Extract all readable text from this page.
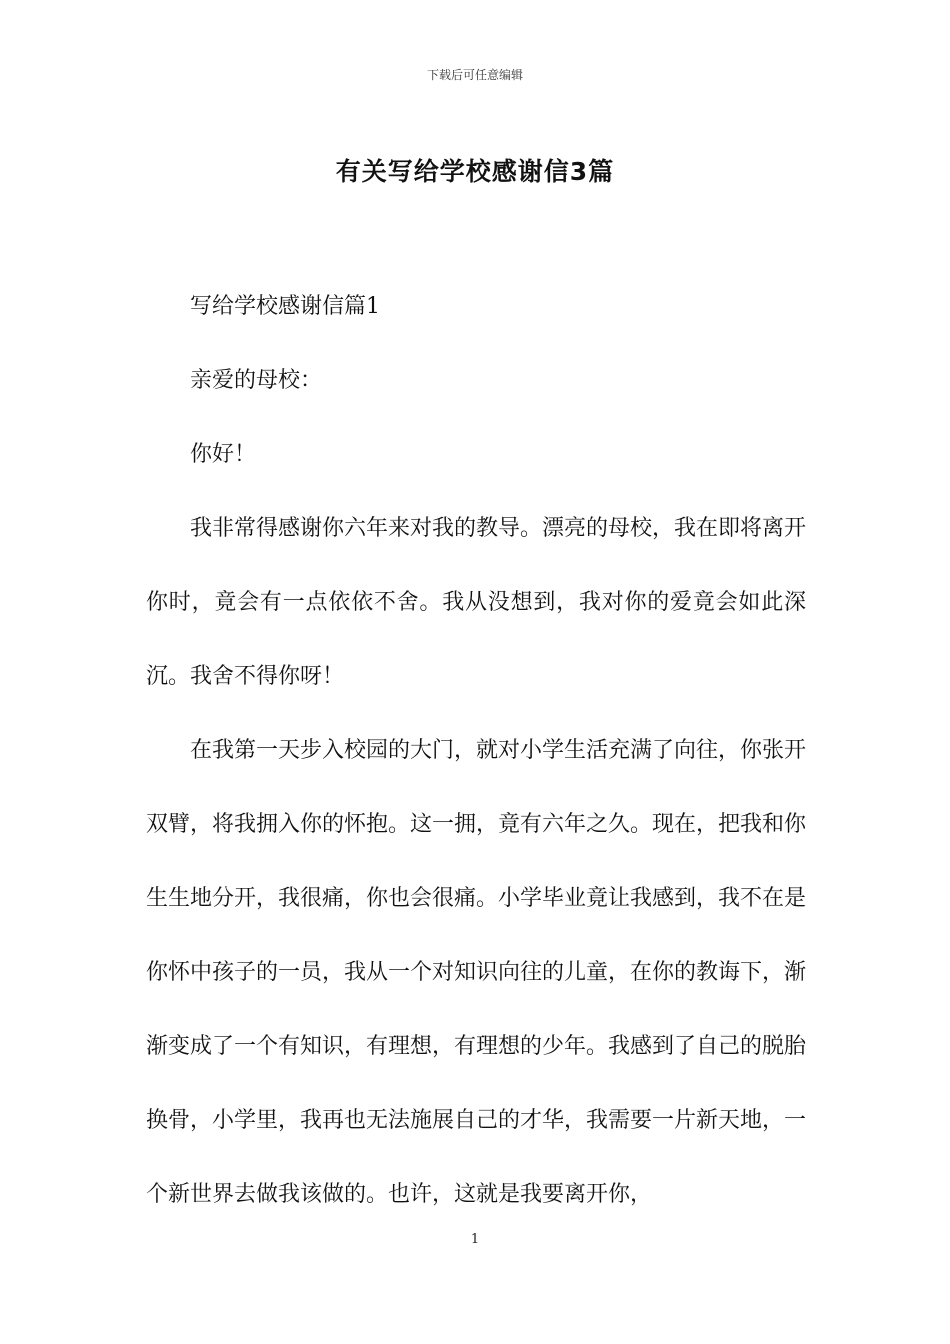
下载后可任意编辑
有关写给学校感谢信3篇

写给学校感谢信篇1

亲爱的母校：

你好！

我非常得感谢你六年来对我的教导。漂亮的母校，我在即将离开你时，竟会有一点依依不舍。我从没想到，我对你的爱竟会如此深沉。我舍不得你呀！

在我第一天步入校园的大门，就对小学生活充满了向往，你张开双臂，将我拥入你的怀抱。这一拥，竟有六年之久。现在，把我和你生生地分开，我很痛，你也会很痛。小学毕业竟让我感到，我不在是你怀中孩子的一员，我从一个对知识向往的儿童，在你的教诲下，渐渐变成了一个有知识，有理想，有理想的少年。我感到了自己的脱胎换骨，小学里，我再也无法施展自己的才华，我需要一片新天地，一个新世界去做我该做的。也许，这就是我要离开你，

1
